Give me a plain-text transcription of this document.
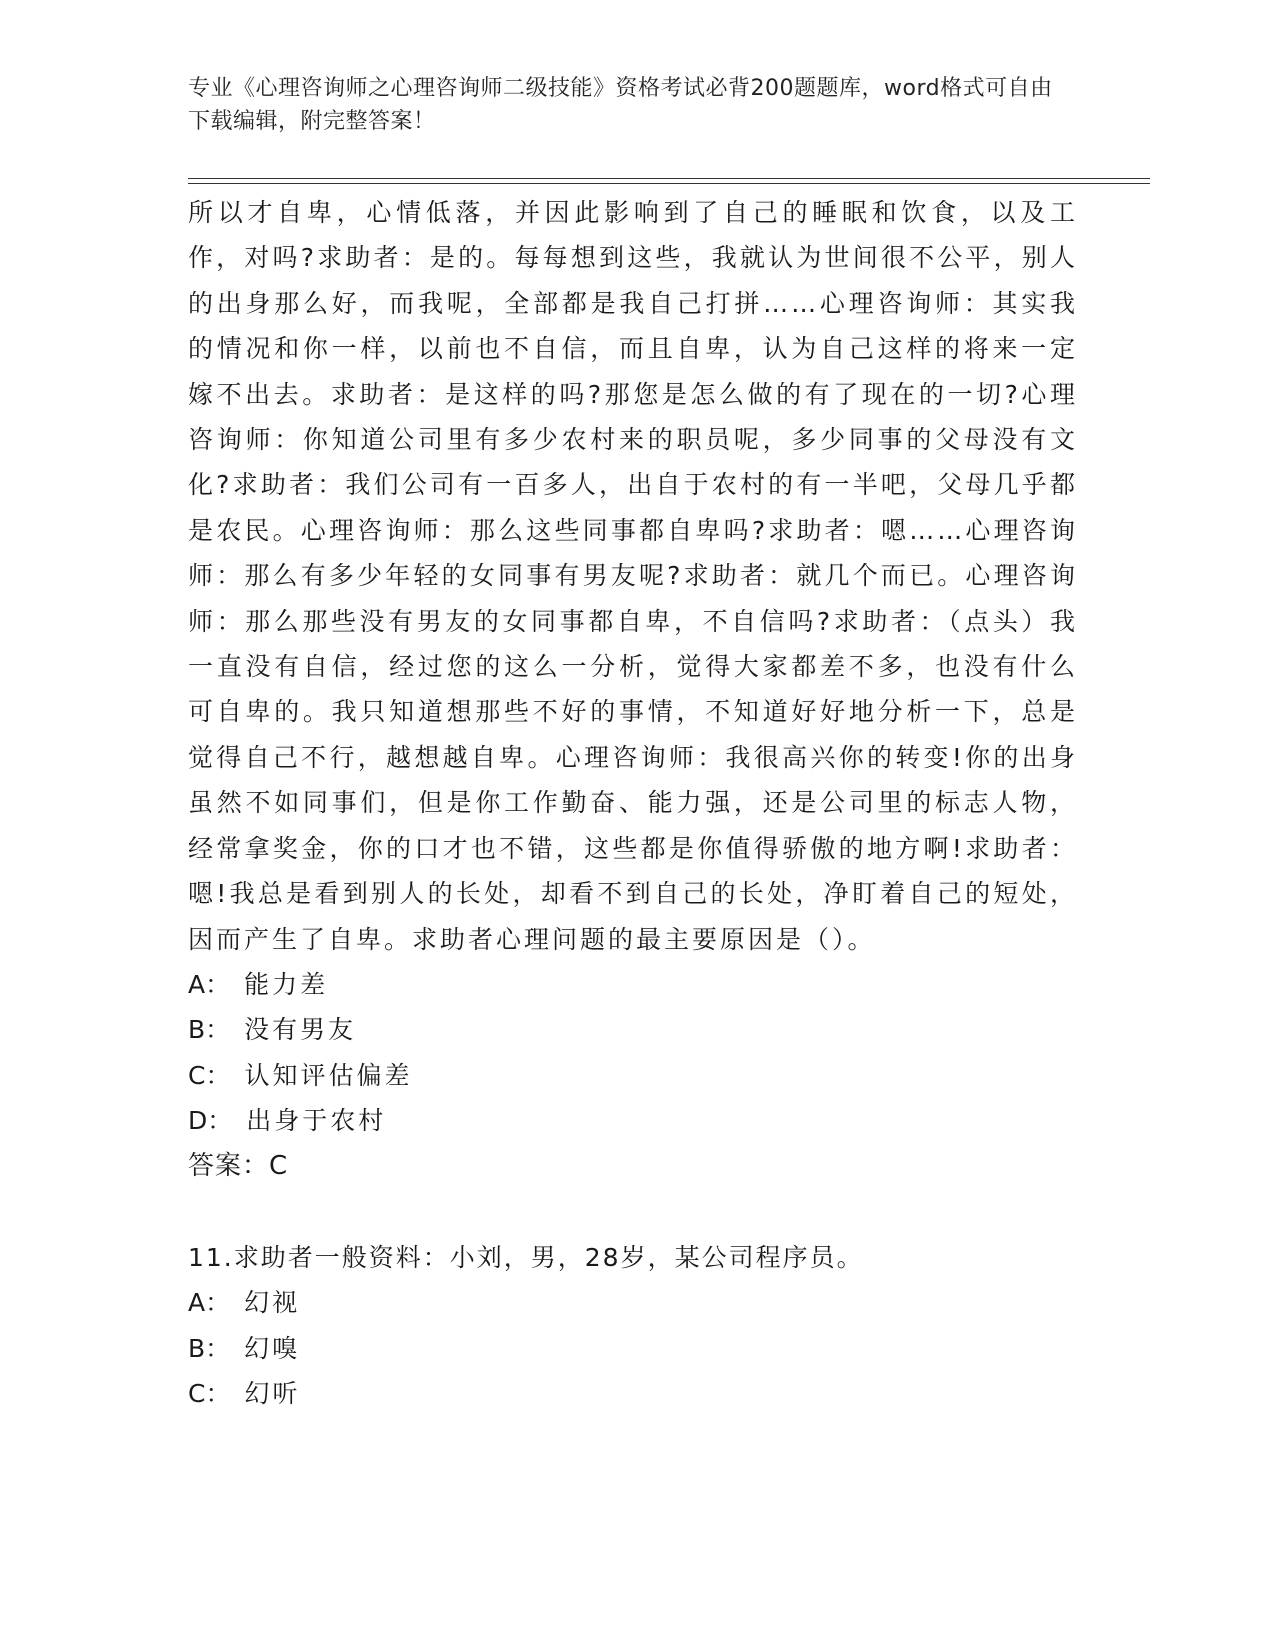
专业《心理咨询师之心理咨询师二级技能》资格考试必背200题题库，word格式可自由下载编辑，附完整答案！

所以才自卑，心情低落，并因此影响到了自己的睡眠和饮食，以及工作，对吗?求助者：是的。每每想到这些，我就认为世间很不公平，别人的出身那么好，而我呢，全部都是我自己打拼……心理咨询师：其实我的情况和你一样，以前也不自信，而且自卑，认为自己这样的将来一定嫁不出去。求助者：是这样的吗?那您是怎么做的有了现在的一切?心理咨询师：你知道公司里有多少农村来的职员呢，多少同事的父母没有文化?求助者：我们公司有一百多人，出自于农村的有一半吧，父母几乎都是农民。心理咨询师：那么这些同事都自卑吗?求助者：嗯……心理咨询师：那么有多少年轻的女同事有男友呢?求助者：就几个而已。心理咨询师：那么那些没有男友的女同事都自卑，不自信吗?求助者：（点头）我一直没有自信，经过您的这么一分析，觉得大家都差不多，也没有什么可自卑的。我只知道想那些不好的事情，不知道好好地分析一下，总是觉得自己不行，越想越自卑。心理咨询师：我很高兴你的转变!你的出身虽然不如同事们，但是你工作勤奋、能力强，还是公司里的标志人物，经常拿奖金，你的口才也不错，这些都是你值得骄傲的地方啊!求助者：嗯!我总是看到别人的长处，却看不到自己的长处，净盯着自己的短处，因而产生了自卑。求助者心理问题的最主要原因是（）。

A： 能力差

B： 没有男友

C： 认知评估偏差

D： 出身于农村

答案：C

11.求助者一般资料：小刘，男，28岁，某公司程序员。

A： 幻视

B： 幻嗅

C： 幻听
